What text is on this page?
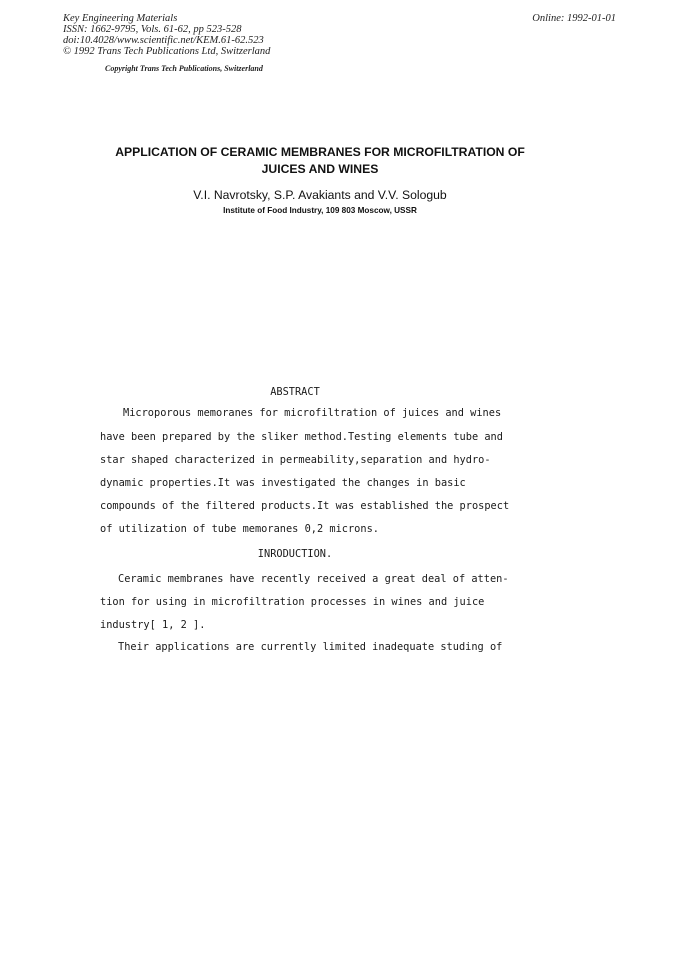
Key Engineering Materials
ISSN: 1662-9795, Vols. 61-62, pp 523-528
doi:10.4028/www.scientific.net/KEM.61-62.523
© 1992 Trans Tech Publications Ltd, Switzerland
Online: 1992-01-01
Copyright Trans Tech Publications, Switzerland
APPLICATION OF CERAMIC MEMBRANES FOR MICROFILTRATION OF
JUICES AND WINES
V.I. Navrotsky, S.P. Avakiants and V.V. Sologub
Institute of Food Industry, 109 803 Moscow, USSR
ABSTRACT
Microporous memoranes for microfiltration of juices and wines
have been prepared by the sliker method.Testing elements tube and
star shaped characterized in permeability,separation and hydro-
dynamic properties.It was investigated the changes in basic
compounds of the filtered products.It was established the prospect
of utilization of tube memoranes 0,2 microns.
INRODUCTION.
Ceramic membranes have recently received a great deal of atten-
tion for using in microfiltration processes in wines and juice
industry[ 1, 2 ].
Their applications are currently limited inadequate studing of
